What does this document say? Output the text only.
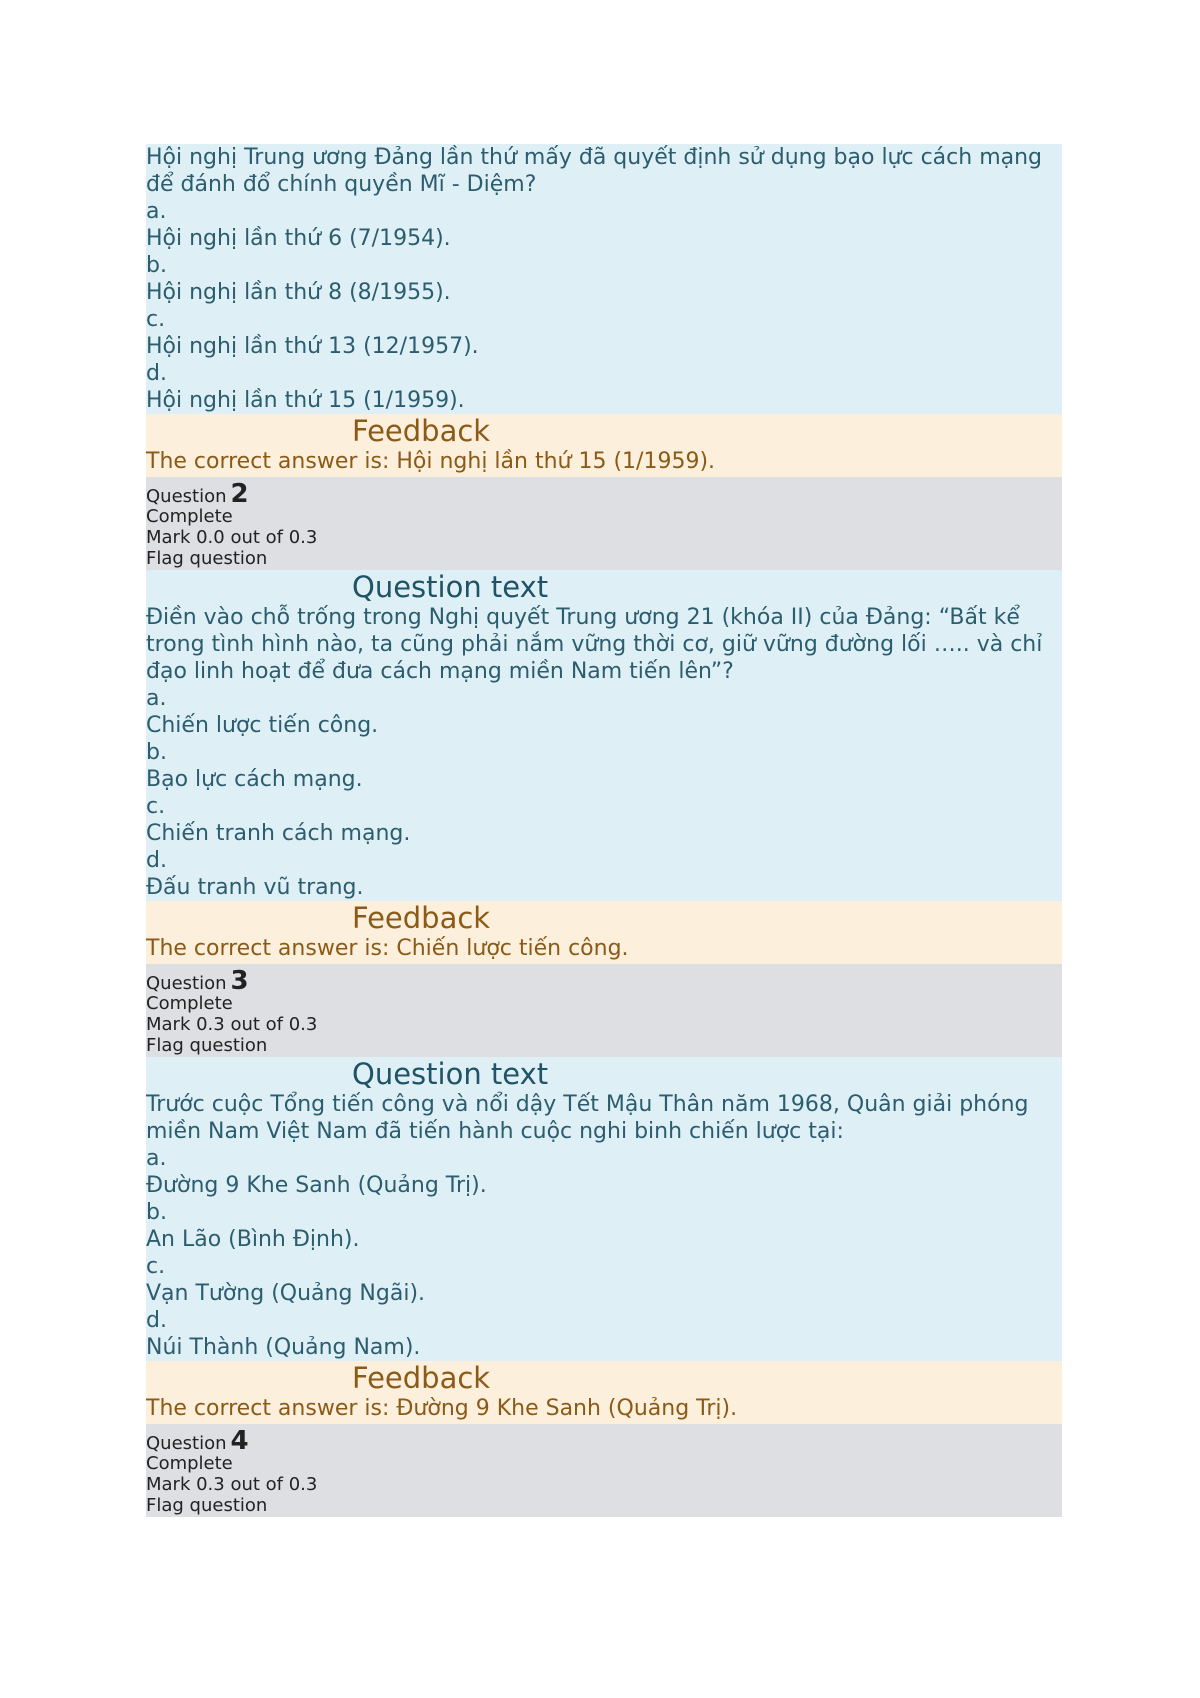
Hội nghị Trung ương Đảng lần thứ mấy đã quyết định sử dụng bạo lực cách mạng để đánh đổ chính quyền Mĩ - Diệm?

a.
Hội nghị lần thứ 6 (7/1954).
b.
Hội nghị lần thứ 8 (8/1955).
c.
Hội nghị lần thứ 13 (12/1957).
d.
Hội nghị lần thứ 15 (1/1959).
Feedback
The correct answer is: Hội nghị lần thứ 15 (1/1959).
Question 2
Complete
Mark 0.0 out of 0.3
Flag question
Question text

Điền vào chỗ trống trong Nghị quyết Trung ương 21 (khóa II) của Đảng: “Bất kể trong tình hình nào, ta cũng phải nắm vững thời cơ, giữ vững đường lối ….. và chỉ đạo linh hoạt để đưa cách mạng miền Nam tiến lên”?

a.
Chiến lược tiến công.
b.
Bạo lực cách mạng.
c.
Chiến tranh cách mạng.
d.
Đấu tranh vũ trang.
Feedback
The correct answer is: Chiến lược tiến công.
Question 3
Complete
Mark 0.3 out of 0.3
Flag question
Question text

Trước cuộc Tổng tiến công và nổi dậy Tết Mậu Thân năm 1968, Quân giải phóng miền Nam Việt Nam đã tiến hành cuộc nghi binh chiến lược tại:

a.
Đường 9 Khe Sanh (Quảng Trị).
b.
An Lão (Bình Định).
c.
Vạn Tường (Quảng Ngãi).
d.
Núi Thành (Quảng Nam).
Feedback
The correct answer is: Đường 9 Khe Sanh (Quảng Trị).
Question 4
Complete
Mark 0.3 out of 0.3
Flag question
